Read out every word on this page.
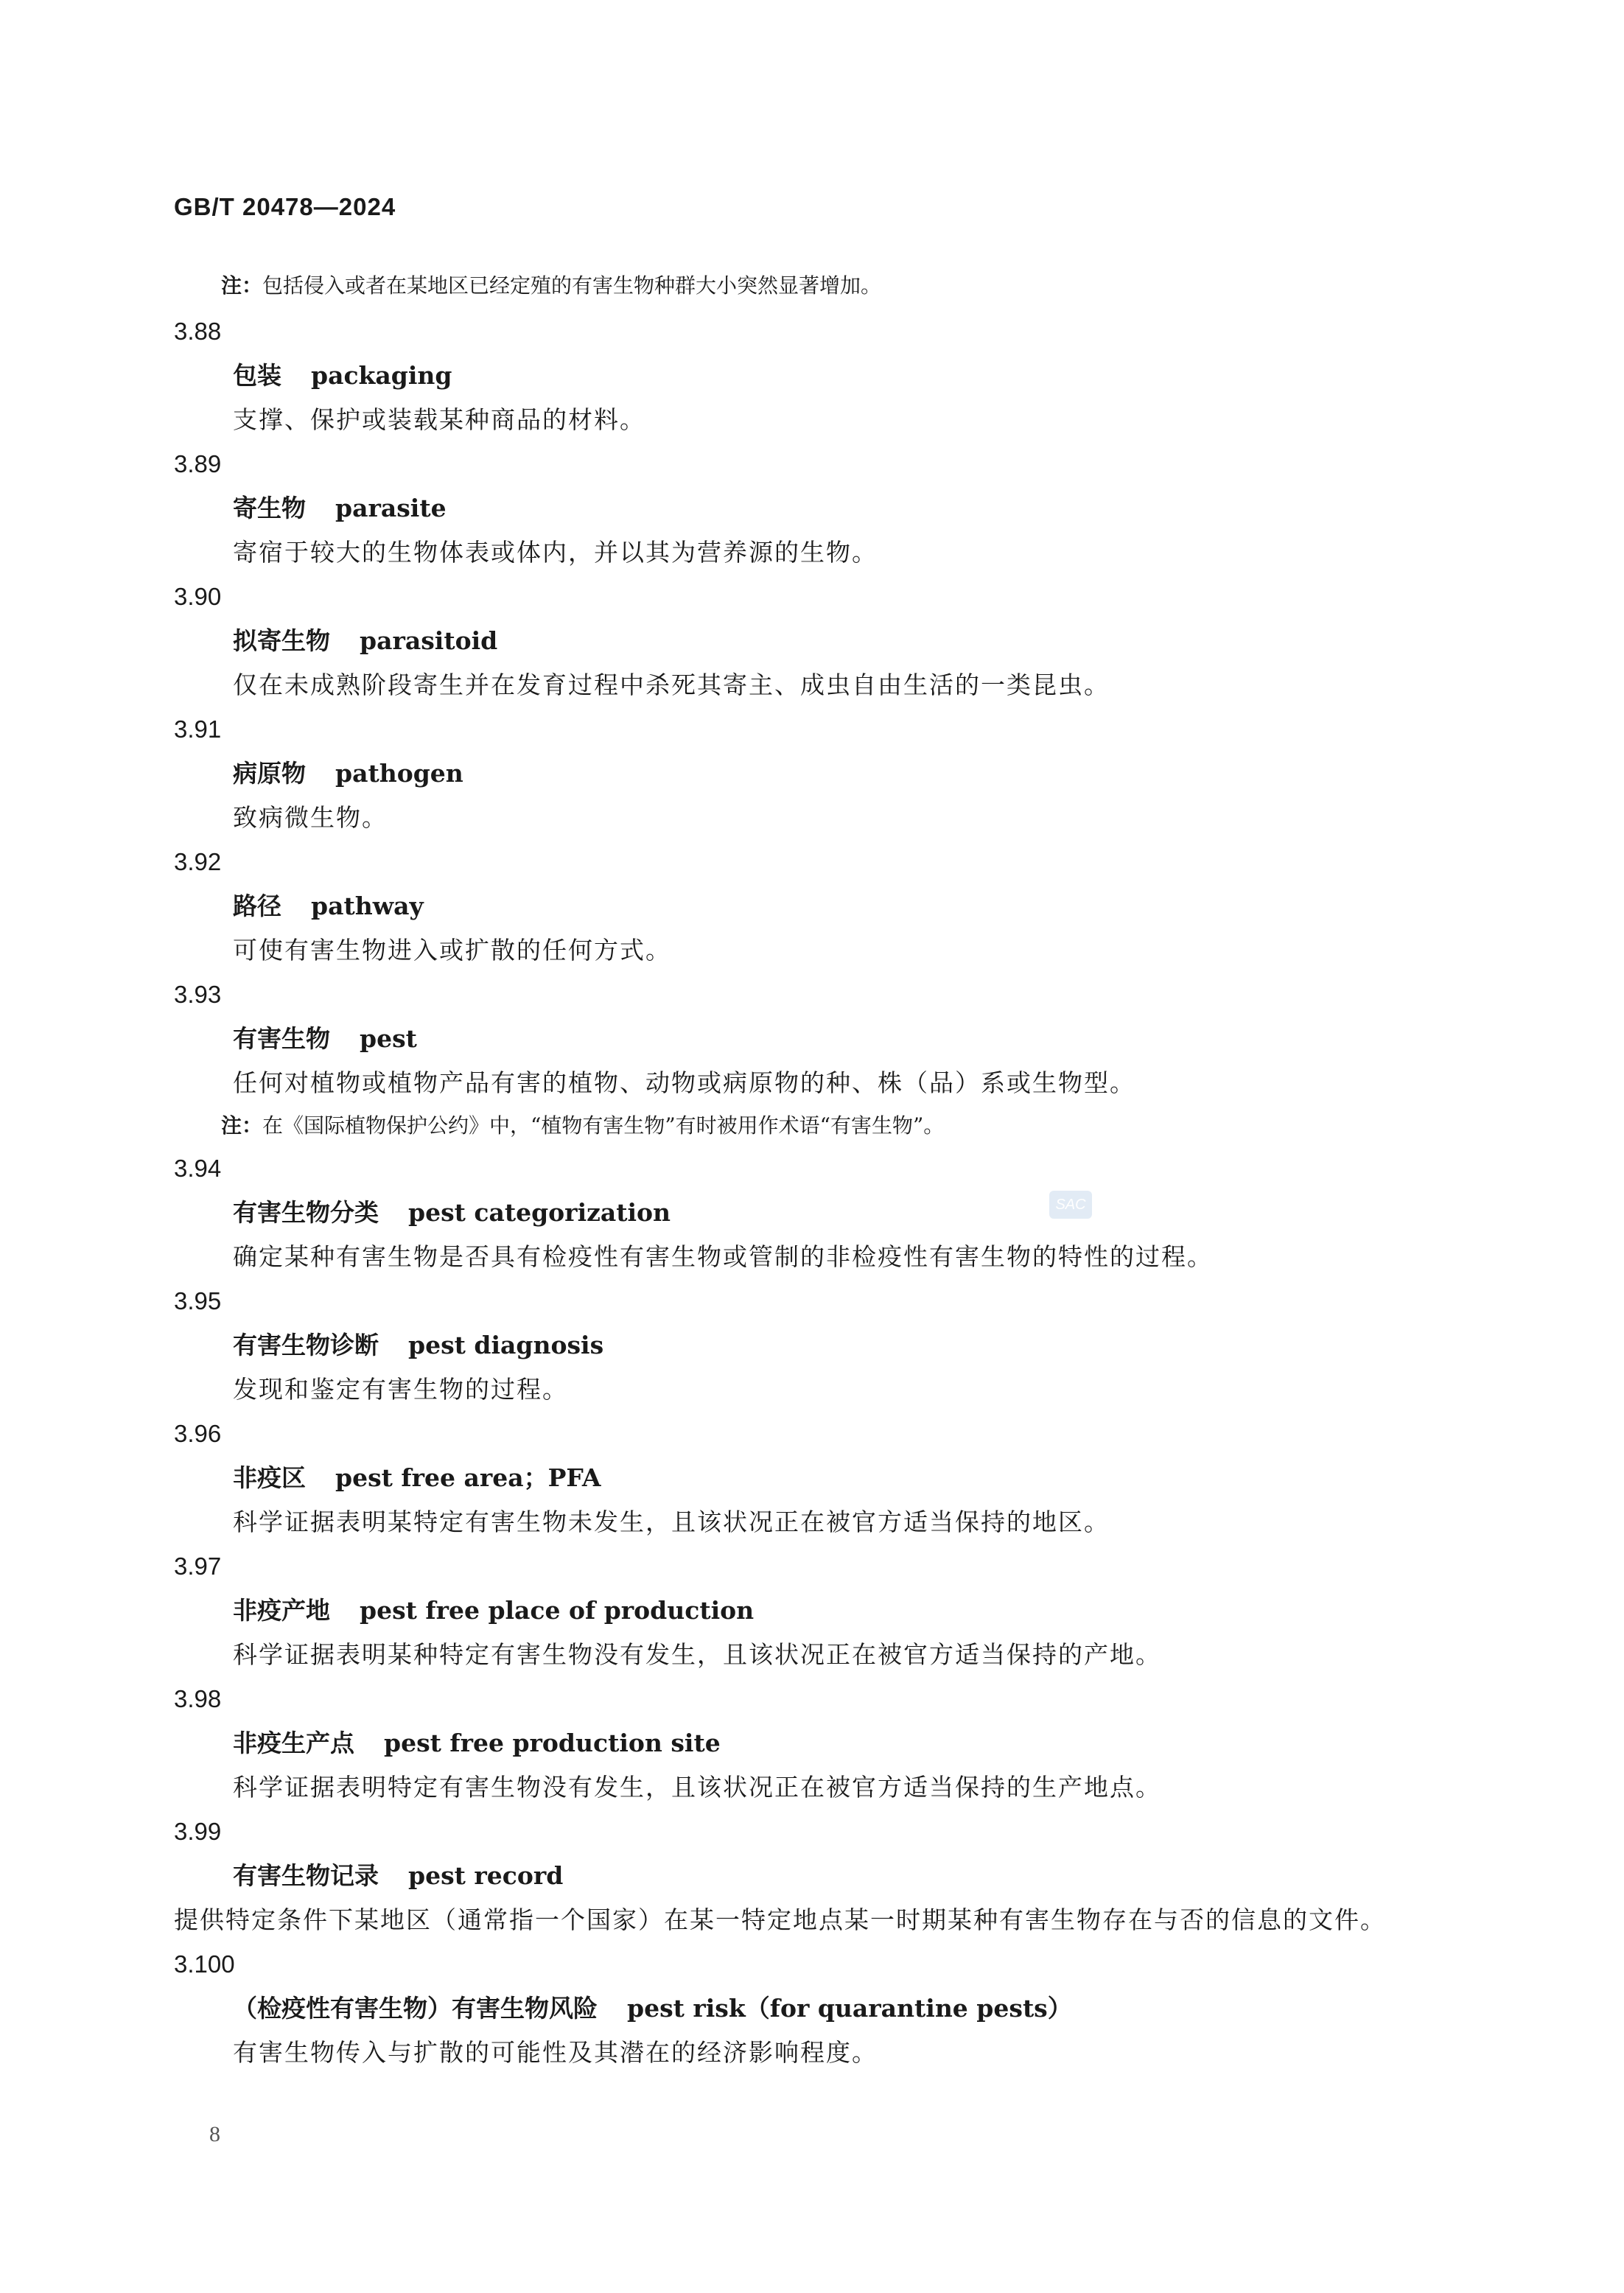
GB/T 20478—2024
注：包括侵入或者在某地区已经定殖的有害生物种群大小突然显著增加。
3.88
包装 packaging
支撑、保护或装载某种商品的材料。
3.89
寄生物 parasite
寄宿于较大的生物体表或体内，并以其为营养源的生物。
3.90
拟寄生物 parasitoid
仅在未成熟阶段寄生并在发育过程中杀死其寄主、成虫自由生活的一类昆虫。
3.91
病原物 pathogen
致病微生物。
3.92
路径 pathway
可使有害生物进入或扩散的任何方式。
3.93
有害生物 pest
任何对植物或植物产品有害的植物、动物或病原物的种、株（品）系或生物型。
注：在《国际植物保护公约》中，“植物有害生物”有时被用作术语“有害生物”。
3.94
有害生物分类 pest categorization
确定某种有害生物是否具有检疫性有害生物或管制的非检疫性有害生物的特性的过程。
3.95
有害生物诊断 pest diagnosis
发现和鉴定有害生物的过程。
3.96
非疫区 pest free area；PFA
科学证据表明某特定有害生物未发生，且该状况正在被官方适当保持的地区。
3.97
非疫产地 pest free place of production
科学证据表明某种特定有害生物没有发生，且该状况正在被官方适当保持的产地。
3.98
非疫生产点 pest free production site
科学证据表明特定有害生物没有发生，且该状况正在被官方适当保持的生产地点。
3.99
有害生物记录 pest record
提供特定条件下某地区（通常指一个国家）在某一特定地点某一时期某种有害生物存在与否的信息的文件。
3.100
（检疫性有害生物）有害生物风险 pest risk（for quarantine pests）
有害生物传入与扩散的可能性及其潜在的经济影响程度。
SAC
8
